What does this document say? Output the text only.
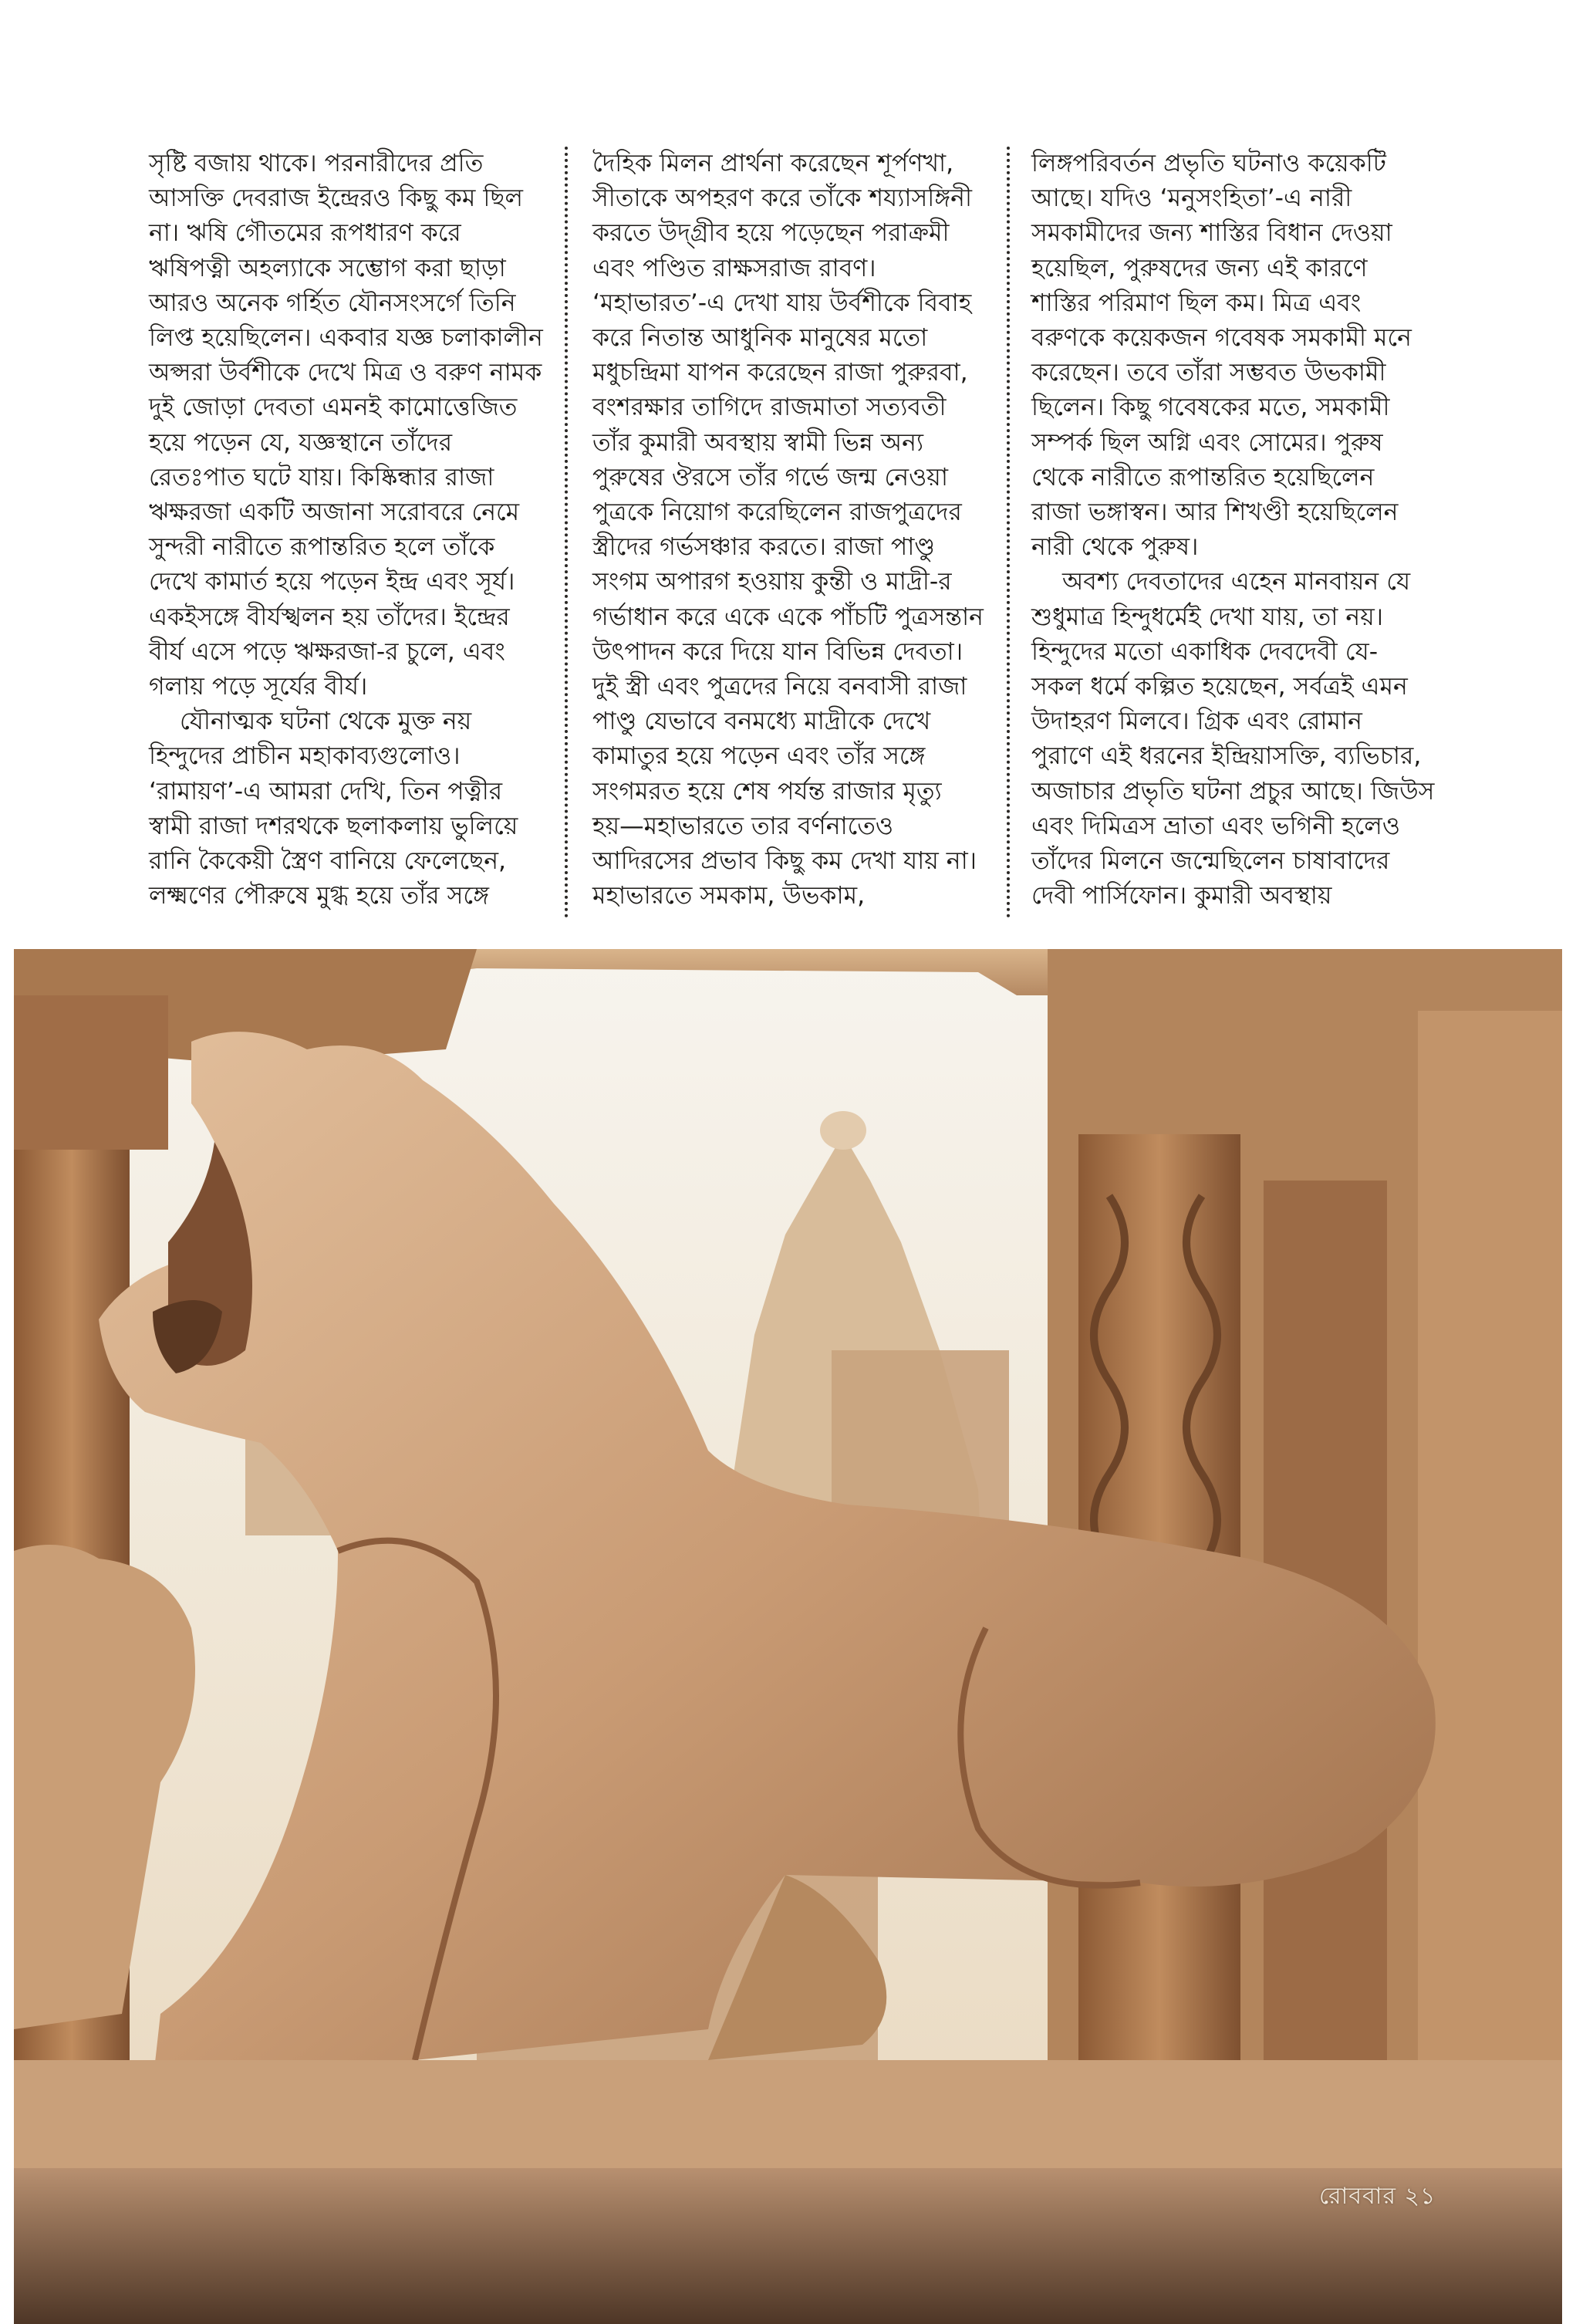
সৃষ্টি বজায় থাকে। পরনারীদের প্রতি

আসক্তি দেবরাজ ইন্দ্রেরও কিছু কম ছিল

না। ঋষি গৌতমের রূপধারণ করে

ঋষিপত্নী অহল্যাকে সম্ভোগ করা ছাড়া

আরও অনেক গর্হিত যৌনসংসর্গে তিনি

লিপ্ত হয়েছিলেন। একবার যজ্ঞ চলাকালীন

অপ্সরা উর্বশীকে দেখে মিত্র ও বরুণ নামক

দুই জোড়া দেবতা এমনই কামোত্তেজিত

হয়ে পড়েন যে, যজ্ঞস্থানে তাঁদের

রেতঃপাত ঘটে যায়। কিষ্কিন্ধার রাজা

ঋক্ষরজা একটি অজানা সরোবরে নেমে

সুন্দরী নারীতে রূপান্তরিত হলে তাঁকে

দেখে কামার্ত হয়ে পড়েন ইন্দ্র এবং সূর্য।

একইসঙ্গে বীর্যস্খলন হয় তাঁদের। ইন্দ্রের

বীর্য এসে পড়ে ঋক্ষরজা-র চুলে, এবং

গলায় পড়ে সূর্যের বীর্য।

যৌনাত্মক ঘটনা থেকে মুক্ত নয়

হিন্দুদের প্রাচীন মহাকাব্যগুলোও।

‘রামায়ণ’-এ আমরা দেখি, তিন পত্নীর

স্বামী রাজা দশরথকে ছলাকলায় ভুলিয়ে

রানি কৈকেয়ী স্ত্রৈণ বানিয়ে ফেলেছেন,

লক্ষ্মণের পৌরুষে মুগ্ধ হয়ে তাঁর সঙ্গে

দৈহিক মিলন প্রার্থনা করেছেন শূর্পণখা,

সীতাকে অপহরণ করে তাঁকে শয্যাসঙ্গিনী

করতে উদ্‌গ্রীব হয়ে পড়েছেন পরাক্রমী

এবং পণ্ডিত রাক্ষসরাজ রাবণ।

‘মহাভারত’-এ দেখা যায় উর্বশীকে বিবাহ

করে নিতান্ত আধুনিক মানুষের মতো

মধুচন্দ্রিমা যাপন করেছেন রাজা পুরুরবা,

বংশরক্ষার তাগিদে রাজমাতা সত্যবতী

তাঁর কুমারী অবস্থায় স্বামী ভিন্ন অন্য

পুরুষের ঔরসে তাঁর গর্ভে জন্ম নেওয়া

পুত্রকে নিয়োগ করেছিলেন রাজপুত্রদের

স্ত্রীদের গর্ভসঞ্চার করতে। রাজা পাণ্ডু

সংগম অপারগ হওয়ায় কুন্তী ও মাদ্রী-র

গর্ভাধান করে একে একে পাঁচটি পুত্রসন্তান

উৎপাদন করে দিয়ে যান বিভিন্ন দেবতা।

দুই স্ত্রী এবং পুত্রদের নিয়ে বনবাসী রাজা

পাণ্ডু যেভাবে বনমধ্যে মাদ্রীকে দেখে

কামাতুর হয়ে পড়েন এবং তাঁর সঙ্গে

সংগমরত হয়ে শেষ পর্যন্ত রাজার মৃত্যু

হয়—মহাভারতে তার বর্ণনাতেও

আদিরসের প্রভাব কিছু কম দেখা যায় না।

মহাভারতে সমকাম, উভকাম,

লিঙ্গপরিবর্তন প্রভৃতি ঘটনাও কয়েকটি

আছে। যদিও ‘মনুসংহিতা’-এ নারী

সমকামীদের জন্য শাস্তির বিধান দেওয়া

হয়েছিল, পুরুষদের জন্য এই কারণে

শাস্তির পরিমাণ ছিল কম। মিত্র এবং

বরুণকে কয়েকজন গবেষক সমকামী মনে

করেছেন। তবে তাঁরা সম্ভবত উভকামী

ছিলেন। কিছু গবেষকের মতে, সমকামী

সম্পর্ক ছিল অগ্নি এবং সোমের। পুরুষ

থেকে নারীতে রূপান্তরিত হয়েছিলেন

রাজা ভঙ্গাস্বন। আর শিখণ্ডী হয়েছিলেন

নারী থেকে পুরুষ।

অবশ্য দেবতাদের এহেন মানবায়ন যে

শুধুমাত্র হিন্দুধর্মেই দেখা যায়, তা নয়।

হিন্দুদের মতো একাধিক দেবদেবী যে-

সকল ধর্মে কল্পিত হয়েছেন, সর্বত্রই এমন

উদাহরণ মিলবে। গ্রিক এবং রোমান

পুরাণে এই ধরনের ইন্দ্রিয়াসক্তি, ব্যভিচার,

অজাচার প্রভৃতি ঘটনা প্রচুর আছে। জিউস

এবং দিমিত্রস ভ্রাতা এবং ভগিনী হলেও

তাঁদের মিলনে জন্মেছিলেন চাষাবাদের

দেবী পার্সিফোন। কুমারী অবস্থায়

রোববার ২১
